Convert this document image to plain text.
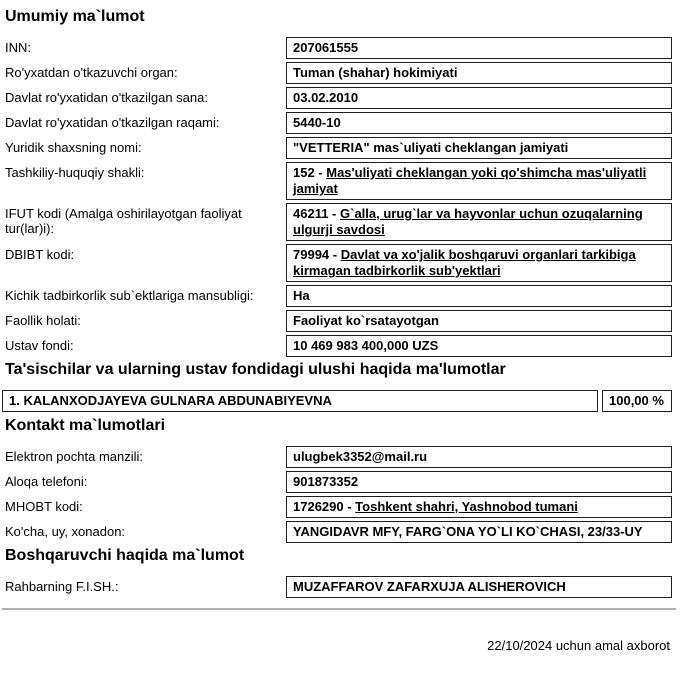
Umumiy ma`lumot
INN:	207061555
Ro'yxatdan o'tkazuvchi organ:	Tuman (shahar) hokimiyati
Davlat ro'yxatidan o'tkazilgan sana:	03.02.2010
Davlat ro'yxatidan o'tkazilgan raqami:	5440-10
Yuridik shaxsning nomi:	"VETTERIA" mas`uliyati cheklangan jamiyati
Tashkiliy-huquqiy shakli:	152 - Mas'uliyati cheklangan yoki qo'shimcha mas'uliyatli jamiyat
IFUT kodi (Amalga oshirilayotgan faoliyat tur(lar)i):
46211 - G`alla, urug`lar va hayvonlar uchun ozuqalarning ulgurji savdosi
DBIBT kodi:	79994 - Davlat va xo'jalik boshqaruvi organlari tarkibiga kirmagan tadbirkorlik sub'yektlari
Kichik tadbirkorlik sub`ektlariga mansubligi:	Ha
Faollik holati:	Faoliyat ko`rsatayotgan
Ustav fondi:	10 469 983 400,000 UZS
Ta'sischilar va ularning ustav fondidagi ulushi haqida ma'lumotlar
1. KALANXODJAYEVA GULNARA ABDUNABIYEVNA	100,00 %
Kontakt ma`lumotlari
Elektron pochta manzili:	ulugbek3352@mail.ru
Aloqa telefoni:	901873352
MHOBT kodi:	1726290 - Toshkent shahri, Yashnobod tumani
Ko'cha, uy, xonadon:	YANGIDAVR MFY, FARG`ONA YO`LI KO`CHASI, 23/33-UY
Boshqaruvchi haqida ma`lumot
Rahbarning F.I.SH.:	MUZAFFAROV ZAFARXUJA ALISHEROVICH
22/10/2024 uchun amal axborot
